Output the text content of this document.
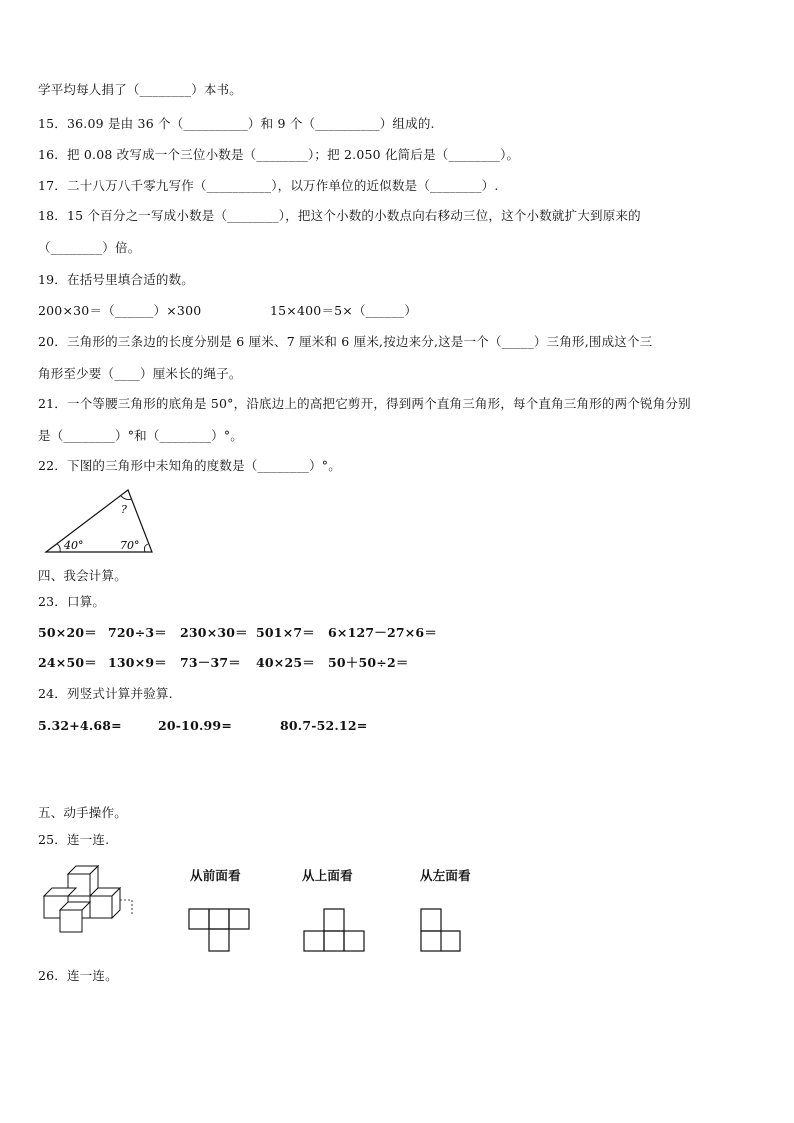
学平均每人捐了（________）本书。
15．36.09 是由 36 个（__________）和 9 个（__________）组成的.
16．把 0.08 改写成一个三位小数是（________）；把 2.050 化简后是（________）。
17．二十八万八千零九写作（__________），以万作单位的近似数是（________）.
18．15 个百分之一写成小数是（________），把这个小数的小数点向右移动三位，这个小数就扩大到原来的
（________）倍。
19．在括号里填合适的数。
200×30＝（______）×300	15×400＝5×（______）
20．三角形的三条边的长度分别是 6 厘米、7 厘米和 6 厘米,按边来分,这是一个（_____）三角形,围成这个三
角形至少要（____）厘米长的绳子。
21．一个等腰三角形的底角是 50°，沿底边上的高把它剪开，得到两个直角三角形，每个直角三角形的两个锐角分别
是（________）°和（________）°。
22．下图的三角形中未知角的度数是（________）°。
?
40°	70°
四、我会计算。
23．口算。
50×20＝ 720÷3＝ 230×30＝ 501×7＝ 6×127－27×6＝
24×50＝ 130×9＝ 73－37＝ 40×25＝ 50＋50÷2＝
24．列竖式计算并验算.
5.32+4.68=	20-10.99=	80.7-52.12=
五、动手操作。
25．连一连.
从前面看	从上面看	从左面看
26．连一连。
